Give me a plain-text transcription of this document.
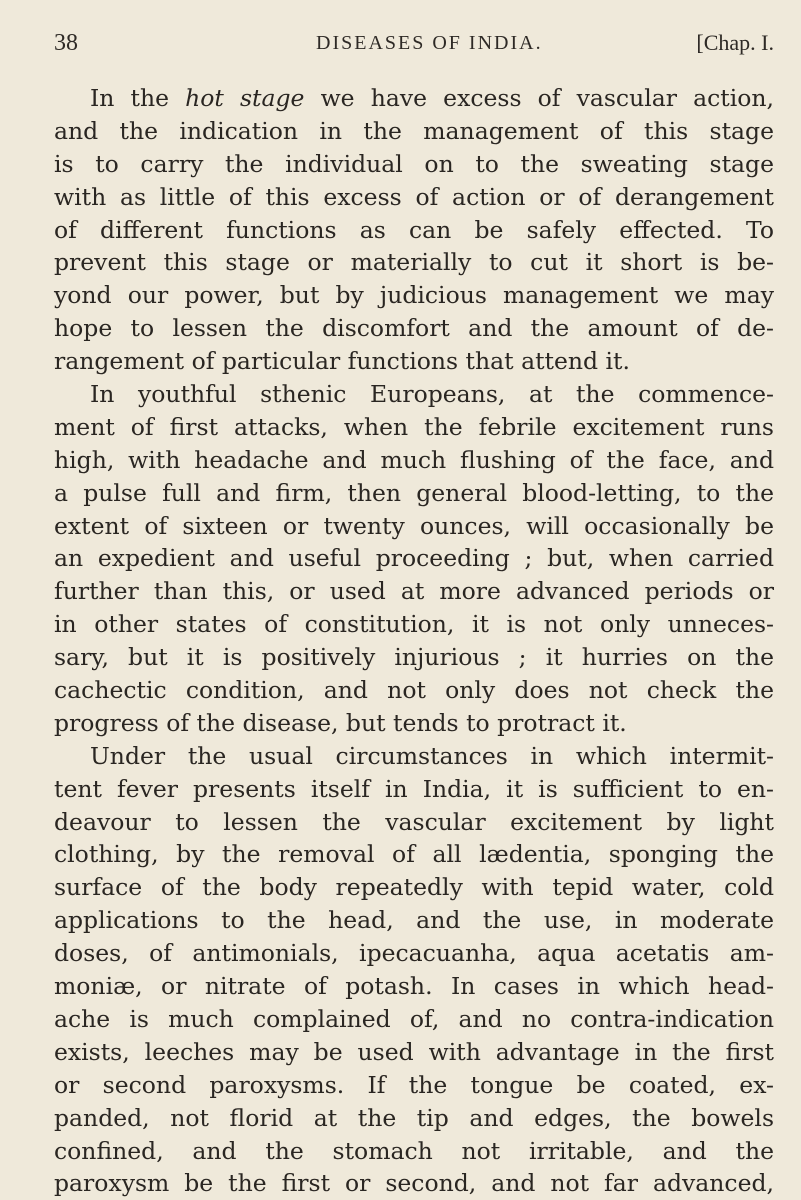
38	DISEASES OF INDIA.	[Chap. I.
In the hot stage we have excess of vascular action,
and the indication in the management of this stage
is to carry the individual on to the sweating stage
with as little of this excess of action or of derangement
of different functions as can be safely effected. To
prevent this stage or materially to cut it short is be-
yond our power, but by judicious management we may
hope to lessen the discomfort and the amount of de-
rangement of particular functions that attend it.
In youthful sthenic Europeans, at the commence-
ment of first attacks, when the febrile excitement runs
high, with headache and much flushing of the face, and
a pulse full and firm, then general blood-letting, to the
extent of sixteen or twenty ounces, will occasionally be
an expedient and useful proceeding ; but, when carried
further than this, or used at more advanced periods or
in other states of constitution, it is not only unneces-
sary, but it is positively injurious ; it hurries on the
cachectic condition, and not only does not check the
progress of the disease, but tends to protract it.
Under the usual circumstances in which intermit-
tent fever presents itself in India, it is sufficient to en-
deavour to lessen the vascular excitement by light
clothing, by the removal of all lædentia, sponging the
surface of the body repeatedly with tepid water, cold
applications to the head, and the use, in moderate
doses, of antimonials, ipecacuanha, aqua acetatis am-
moniæ, or nitrate of potash. In cases in which head-
ache is much complained of, and no contra-indication
exists, leeches may be used with advantage in the first
or second paroxysms. If the tongue be coated, ex-
panded, not florid at the tip and edges, the bowels
confined, and the stomach not irritable, and the
paroxysm be the first or second, and not far advanced,
